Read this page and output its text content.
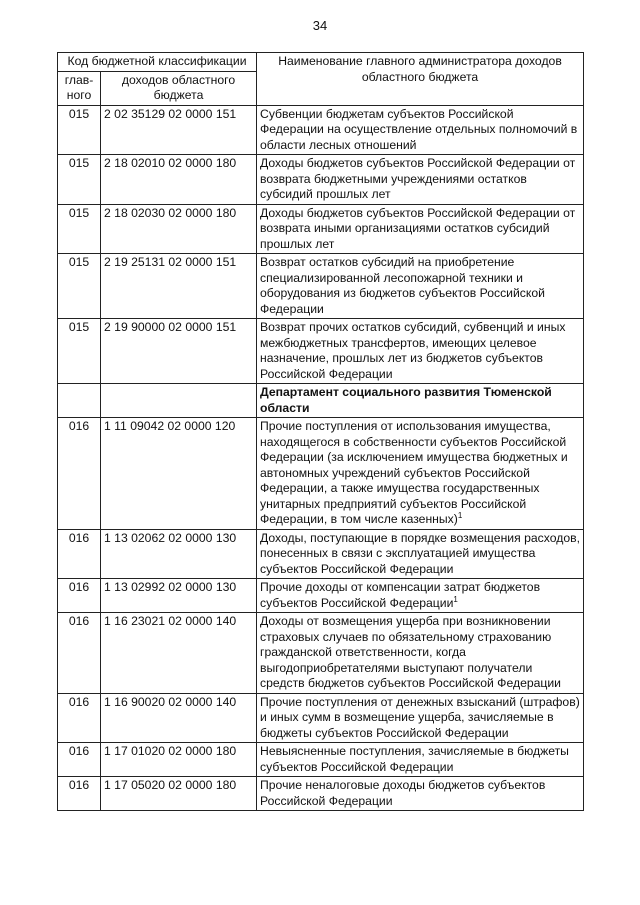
34
Код бюджетной классификации		Наименование главного администратора доходов областного бюджета
глав-ного	доходов областного бюджета	
015	2 02 35129 02 0000 151	Субвенции бюджетам субъектов Российской Федерации на осуществление отдельных полномочий в области лесных отношений
015	2 18 02010 02 0000 180	Доходы бюджетов субъектов Российской Федерации от возврата бюджетными учреждениями остатков субсидий прошлых лет
015	2 18 02030 02 0000 180	Доходы бюджетов субъектов Российской Федерации от возврата иными организациями остатков субсидий прошлых лет
015	2 19 25131 02 0000 151	Возврат остатков субсидий на приобретение специализированной лесопожарной техники и оборудования из бюджетов субъектов Российской Федерации
015	2 19 90000 02 0000 151	Возврат прочих остатков субсидий, субвенций и иных межбюджетных трансфертов, имеющих целевое назначение, прошлых лет из бюджетов субъектов Российской Федерации
		Департамент социального развития Тюменской области
016	1 11 09042 02 0000 120	Прочие поступления от использования имущества, находящегося в собственности субъектов Российской Федерации (за исключением имущества бюджетных и автономных учреждений субъектов Российской Федерации, а также имущества государственных унитарных предприятий субъектов Российской Федерации, в том числе казенных)$^1$
016	1 13 02062 02 0000 130	Доходы, поступающие в порядке возмещения расходов, понесенных в связи с эксплуатацией имущества субъектов Российской Федерации
016	1 13 02992 02 0000 130	Прочие доходы от компенсации затрат бюджетов субъектов Российской Федерации$^1$
016	1 16 23021 02 0000 140	Доходы от возмещения ущерба при возникновении страховых случаев по обязательному страхованию гражданской ответственности, когда выгодоприобретателями выступают получатели средств бюджетов субъектов Российской Федерации
016	1 16 90020 02 0000 140	Прочие поступления от денежных взысканий (штрафов) и иных сумм в возмещение ущерба, зачисляемые в бюджеты субъектов Российской Федерации
016	1 17 01020 02 0000 180	Невыясненные поступления, зачисляемые в бюджеты субъектов Российской Федерации
016	1 17 05020 02 0000 180	Прочие неналоговые доходы бюджетов субъектов Российской Федерации
